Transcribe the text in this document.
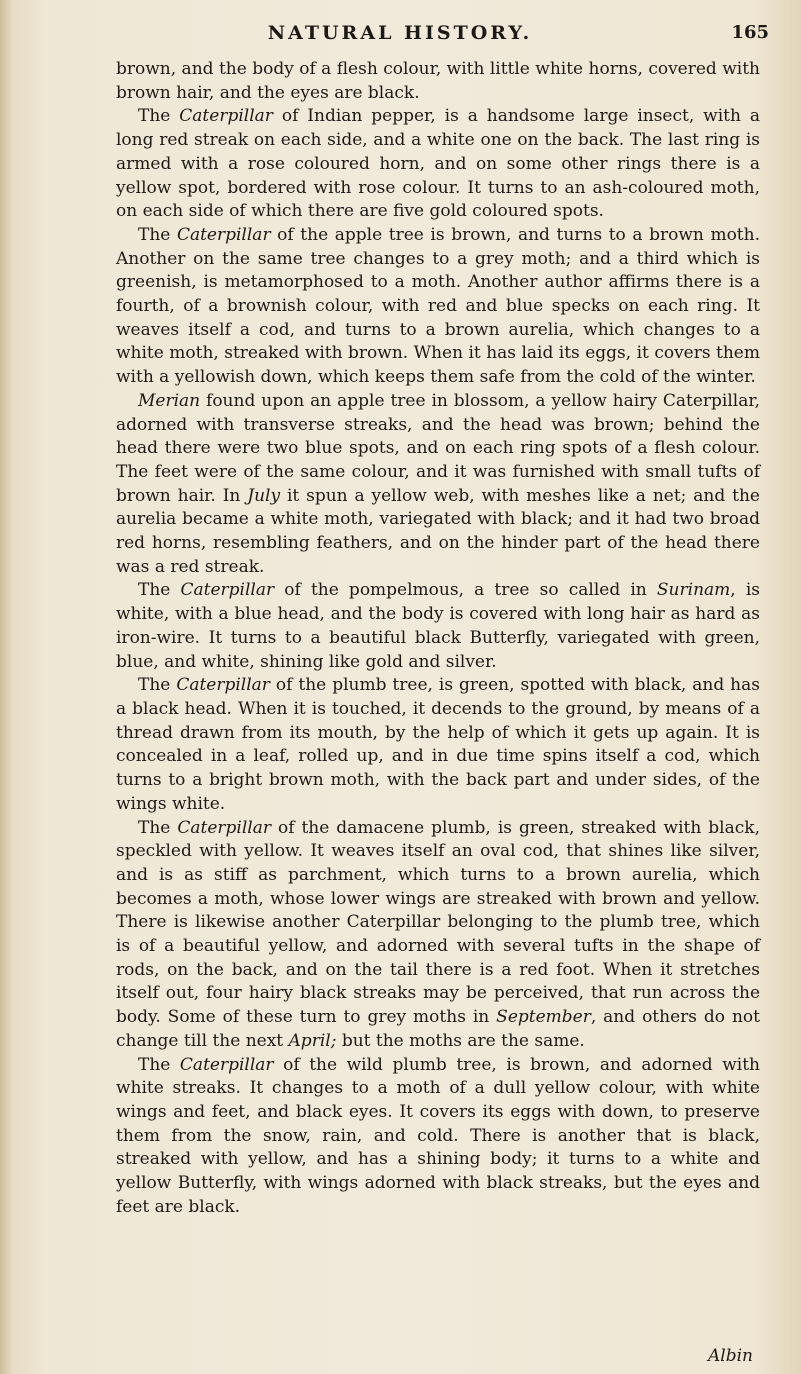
NATURAL HISTORY.	165

brown, and the body of a flesh colour, with little white horns, covered with brown hair, and the eyes are black.

The Caterpillar of Indian pepper, is a handsome large insect, with a long red streak on each side, and a white one on the back. The last ring is armed with a rose coloured horn, and on some other rings there is a yellow spot, bordered with rose colour. It turns to an ash-coloured moth, on each side of which there are five gold coloured spots.

The Caterpillar of the apple tree is brown, and turns to a brown moth. Another on the same tree changes to a grey moth; and a third which is greenish, is metamorphosed to a moth. Another author affirms there is a fourth, of a brownish colour, with red and blue specks on each ring. It weaves itself a cod, and turns to a brown aurelia, which changes to a white moth, streaked with brown. When it has laid its eggs, it covers them with a yellowish down, which keeps them safe from the cold of the winter.

Merian found upon an apple tree in blossom, a yellow hairy Caterpillar, adorned with transverse streaks, and the head was brown; behind the head there were two blue spots, and on each ring spots of a flesh colour. The feet were of the same colour, and it was furnished with small tufts of brown hair. In July it spun a yellow web, with meshes like a net; and the aurelia became a white moth, variegated with black; and it had two broad red horns, resembling feathers, and on the hinder part of the head there was a red streak.

The Caterpillar of the pompelmous, a tree so called in Surinam, is white, with a blue head, and the body is covered with long hair as hard as iron-wire. It turns to a beautiful black Butterfly, variegated with green, blue, and white, shining like gold and silver.

The Caterpillar of the plumb tree, is green, spotted with black, and has a black head. When it is touched, it decends to the ground, by means of a thread drawn from its mouth, by the help of which it gets up again. It is concealed in a leaf, rolled up, and in due time spins itself a cod, which turns to a bright brown moth, with the back part and under sides, of the wings white.

The Caterpillar of the damacene plumb, is green, streaked with black, speckled with yellow. It weaves itself an oval cod, that shines like silver, and is as stiff as parchment, which turns to a brown aurelia, which becomes a moth, whose lower wings are streaked with brown and yellow. There is likewise another Caterpillar belonging to the plumb tree, which is of a beautiful yellow, and adorned with several tufts in the shape of rods, on the back, and on the tail there is a red foot. When it stretches itself out, four hairy black streaks may be perceived, that run across the body. Some of these turn to grey moths in September, and others do not change till the next April; but the moths are the same.

The Caterpillar of the wild plumb tree, is brown, and adorned with white streaks. It changes to a moth of a dull yellow colour, with white wings and feet, and black eyes. It covers its eggs with down, to preserve them from the snow, rain, and cold. There is another that is black, streaked with yellow, and has a shining body; it turns to a white and yellow Butterfly, with wings adorned with black streaks, but the eyes and feet are black.

Albin
